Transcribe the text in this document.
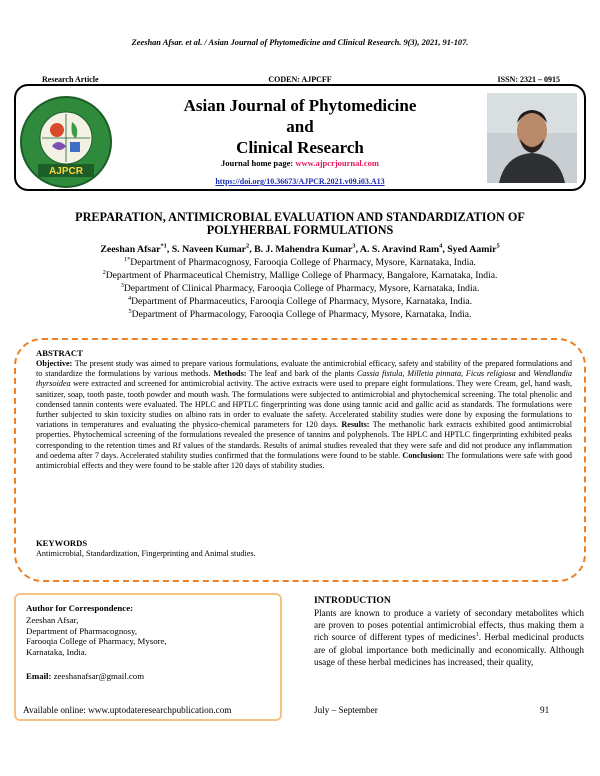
Zeeshan Afsar. et al. / Asian Journal of Phytomedicine and Clinical Research. 9(3), 2021, 91-107.
Research Article	CODEN: AJPCFF	ISSN: 2321 – 0915
AJPCR
Asian Journal of Phytomedicine
and
Clinical Research
Journal home page: www.ajpcrjournal.com
https://doi.org/10.36673/AJPCR.2021.v09.i03.A13
PREPARATION, ANTIMICROBIAL EVALUATION AND STANDARDIZATION OF
POLYHERBAL FORMULATIONS
Zeeshan Afsar$^{*1}$, S. Naveen Kumar$^2$, B. J. Mahendra Kumar$^3$, A. S. Aravind Ram$^4$, Syed Aamir$^5$
$^{1*}$Department of Pharmacognosy, Farooqia College of Pharmacy, Mysore, Karnataka, India.
$^2$Department of Pharmaceutical Chemistry, Mallige College of Pharmacy, Bangalore, Karnataka, India.
$^3$Department of Clinical Pharmacy, Farooqia College of Pharmacy, Mysore, Karnataka, India.
$^4$Department of Pharmaceutics, Farooqia College of Pharmacy, Mysore, Karnataka, India.
$^5$Department of Pharmacology, Farooqia College of Pharmacy, Mysore, Karnataka, India.
ABSTRACT
Objective: The present study was aimed to prepare various formulations, evaluate the antimicrobial efficacy, safety and stability of the prepared formulations and to standardize the formulations by various methods. Methods: The leaf and bark of the plants Cassia fistula, Milletia pinnata, Ficus religiosa and Wendlandia thyrsoidea were extracted and screened for antimicrobial activity. The active extracts were used to prepare eight formulations. They were Cream, gel, hand wash, sanitizer, soap, tooth paste, tooth powder and mouth wash. The formulations were subjected to antimicrobial and phytochemical screening. The total phenolic and condensed tannin contents were evaluated. The HPLC and HPTLC fingerprinting was done using tannic acid and gallic acid as standards. The formulations were further subjected to skin toxicity studies on albino rats in order to evaluate the safety. Accelerated stability studies were done by exposing the formulations to variations in temperatures and evaluating the physico-chemical parameters for 120 days. Results: The methanolic bark extracts exhibited good antimicrobial properties. Phytochemical screening of the formulations revealed the presence of tannins and polyphenols. The HPLC and HPTLC fingerprinting exhibited peaks corresponding to the retention times and Rf values of the standards. Results of animal studies revealed that they were safe and did not produce any inflammation and oedema after 7 days. Accelerated stability studies confirmed that the formulations were found to be stable. Conclusion: The formulations were safe with good antimicrobial effects and they were found to be stable after 120 days of stability studies.
KEYWORDS
Antimicrobial, Standardization, Fingerprinting and Animal studies.
Author for Correspondence:
Zeeshan Afsar,
Department of Pharmacognosy,
Farooqia College of Pharmacy, Mysore,
Karnataka, India.
Email: zeeshanafsar@gmail.com
INTRODUCTION
Plants are known to produce a variety of secondary metabolites which are proven to poses potential antimicrobial effects, thus making them a rich source of different types of medicines$^1$. Herbal medicinal products are of global importance both medicinally and economically. Although usage of these herbal medicines has increased, their quality,
Available online: www.uptodateresearchpublication.com	July – September	91
